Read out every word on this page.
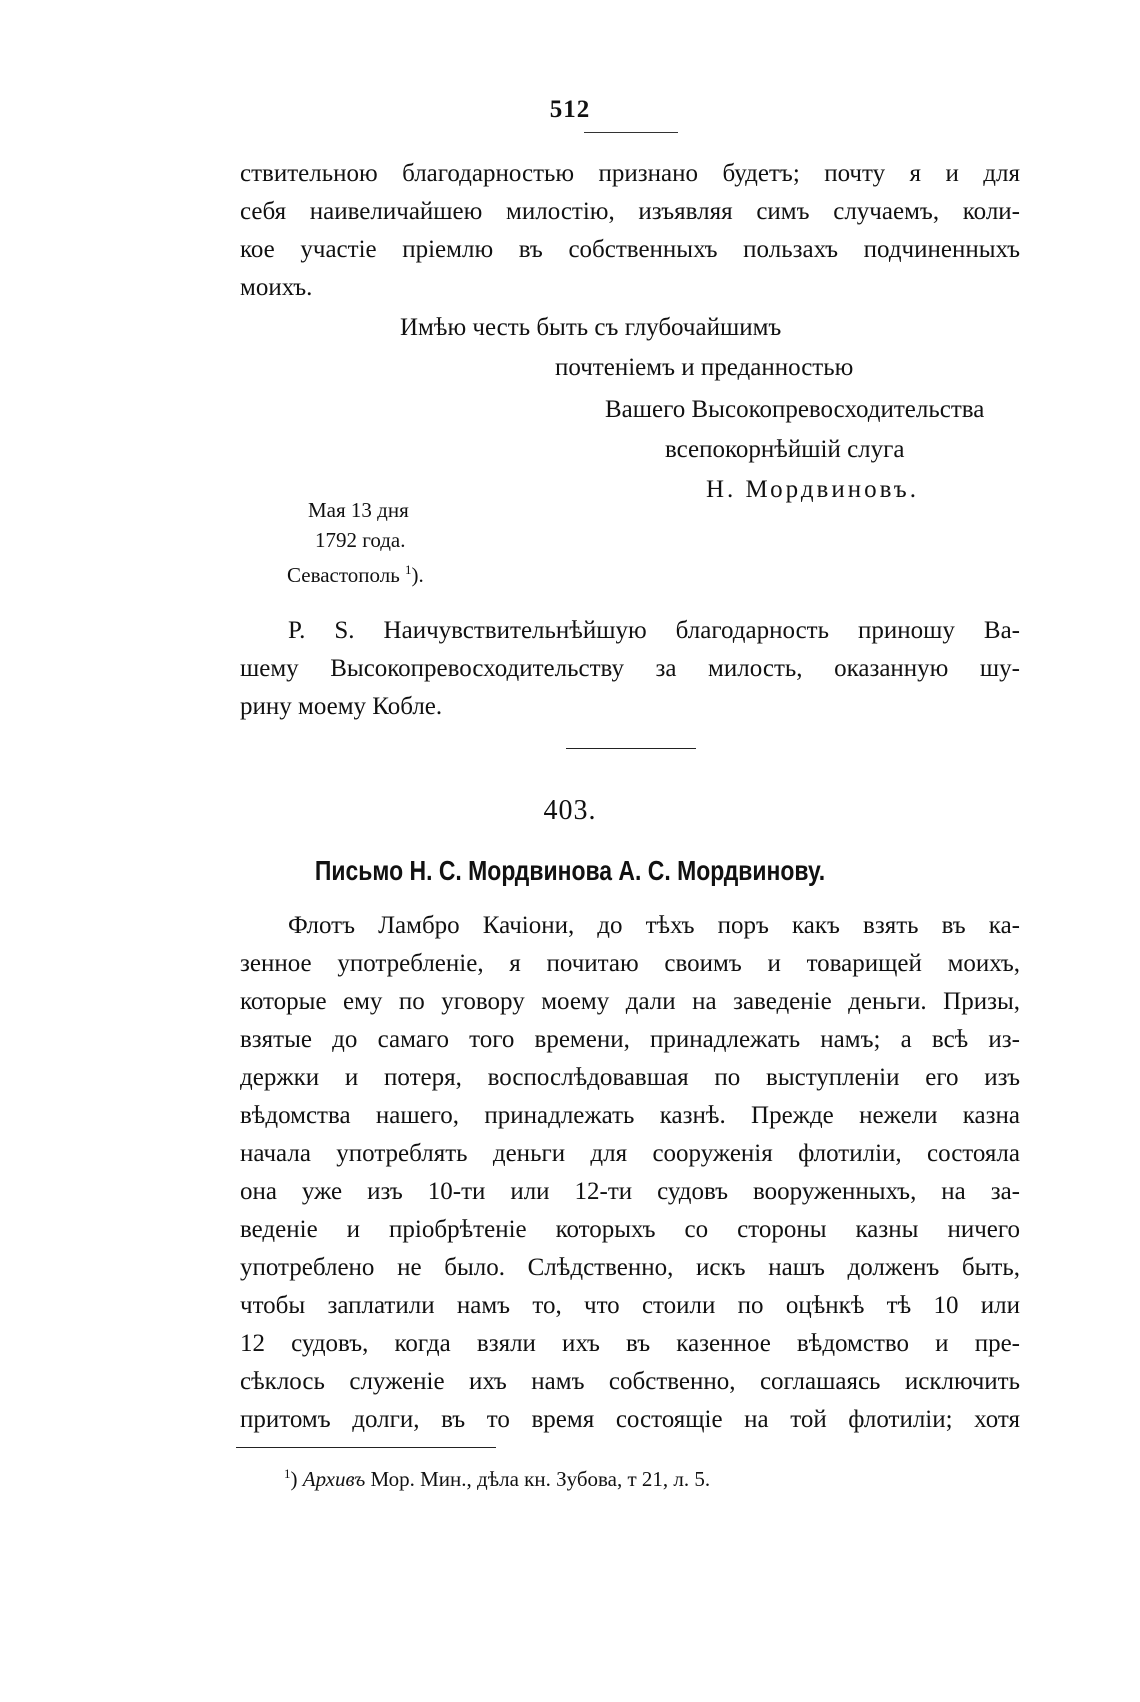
512
ствительною благодарностью признано будетъ; почту я и для
себя наивеличайшею милостію, изъявляя симъ случаемъ, коли-
кое участіе пріемлю въ собственныхъ пользахъ подчиненныхъ
моихъ.
Имѣю честь быть съ глубочайшимъ
почтеніемъ и преданностью
Вашего Высокопревосходительства
всепокорнѣйшій слуга
Н. Мордвиновъ.
Мая 13 дня
1792 года.
Севастополь $^1$).
P. S. Наичувствительнѣйшую благодарность приношу Ва-
шему Высокопревосходительству за милость, оказанную шу-
рину моему Кобле.
403.
Письмо Н. С. Мордвинова А. С. Мордвинову.
Флотъ Ламбро Качіони, до тѣхъ поръ какъ взять въ ка-
зенное употребленіе, я почитаю своимъ и товарищей моихъ,
которые ему по уговору моему дали на заведеніе деньги. Призы,
взятые до самаго того времени, принадлежать намъ; а всѣ из-
держки и потеря, воспослѣдовавшая по выступленіи его изъ
вѣдомства нашего, принадлежать казнѣ. Прежде нежели казна
начала употреблять деньги для сооруженія флотиліи, состояла
она уже изъ 10-ти или 12-ти судовъ вооруженныхъ, на за-
веденіе и пріобрѣтеніе которыхъ со стороны казны ничего
употреблено не было. Слѣдственно, искъ нашъ долженъ быть,
чтобы заплатили намъ то, что стоили по оцѣнкѣ тѣ 10 или
12 судовъ, когда взяли ихъ въ казенное вѣдомство и пре-
сѣклось служеніе ихъ намъ собственно, соглашаясь исключить
притомъ долги, въ то время состоящіе на той флотиліи; хотя
$^1$) Архивъ Мор. Мин., дѣла кн. Зубова, т 21, л. 5.
